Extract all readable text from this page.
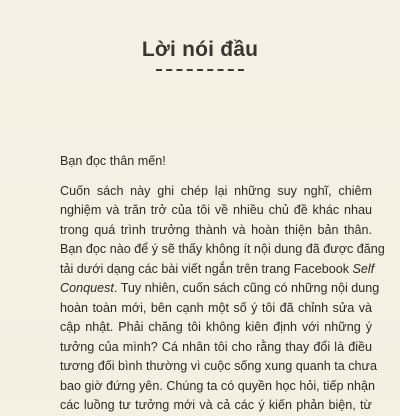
Lời nói đầu

Bạn đọc thân mến!

Cuốn sách này ghi chép lại những suy nghĩ, chiêm
nghiệm và trăn trở của tôi về nhiều chủ đề khác nhau
trong quá trình trưởng thành và hoàn thiện bản thân.
Bạn đọc nào để ý sẽ thấy không ít nội dung đã được đăng
tải dưới dạng các bài viết ngắn trên trang Facebook Self
Conquest. Tuy nhiên, cuốn sách cũng có những nội dung
hoàn toàn mới, bên cạnh một số ý tôi đã chỉnh sửa và
cập nhật. Phải chăng tôi không kiên định với những ý
tưởng của mình? Cá nhân tôi cho rằng thay đổi là điều
tương đối bình thường vì cuộc sống xung quanh ta chưa
bao giờ đứng yên. Chúng ta có quyền học hỏi, tiếp nhận
các luồng tư tưởng mới và cả các ý kiến phản biện, từ
